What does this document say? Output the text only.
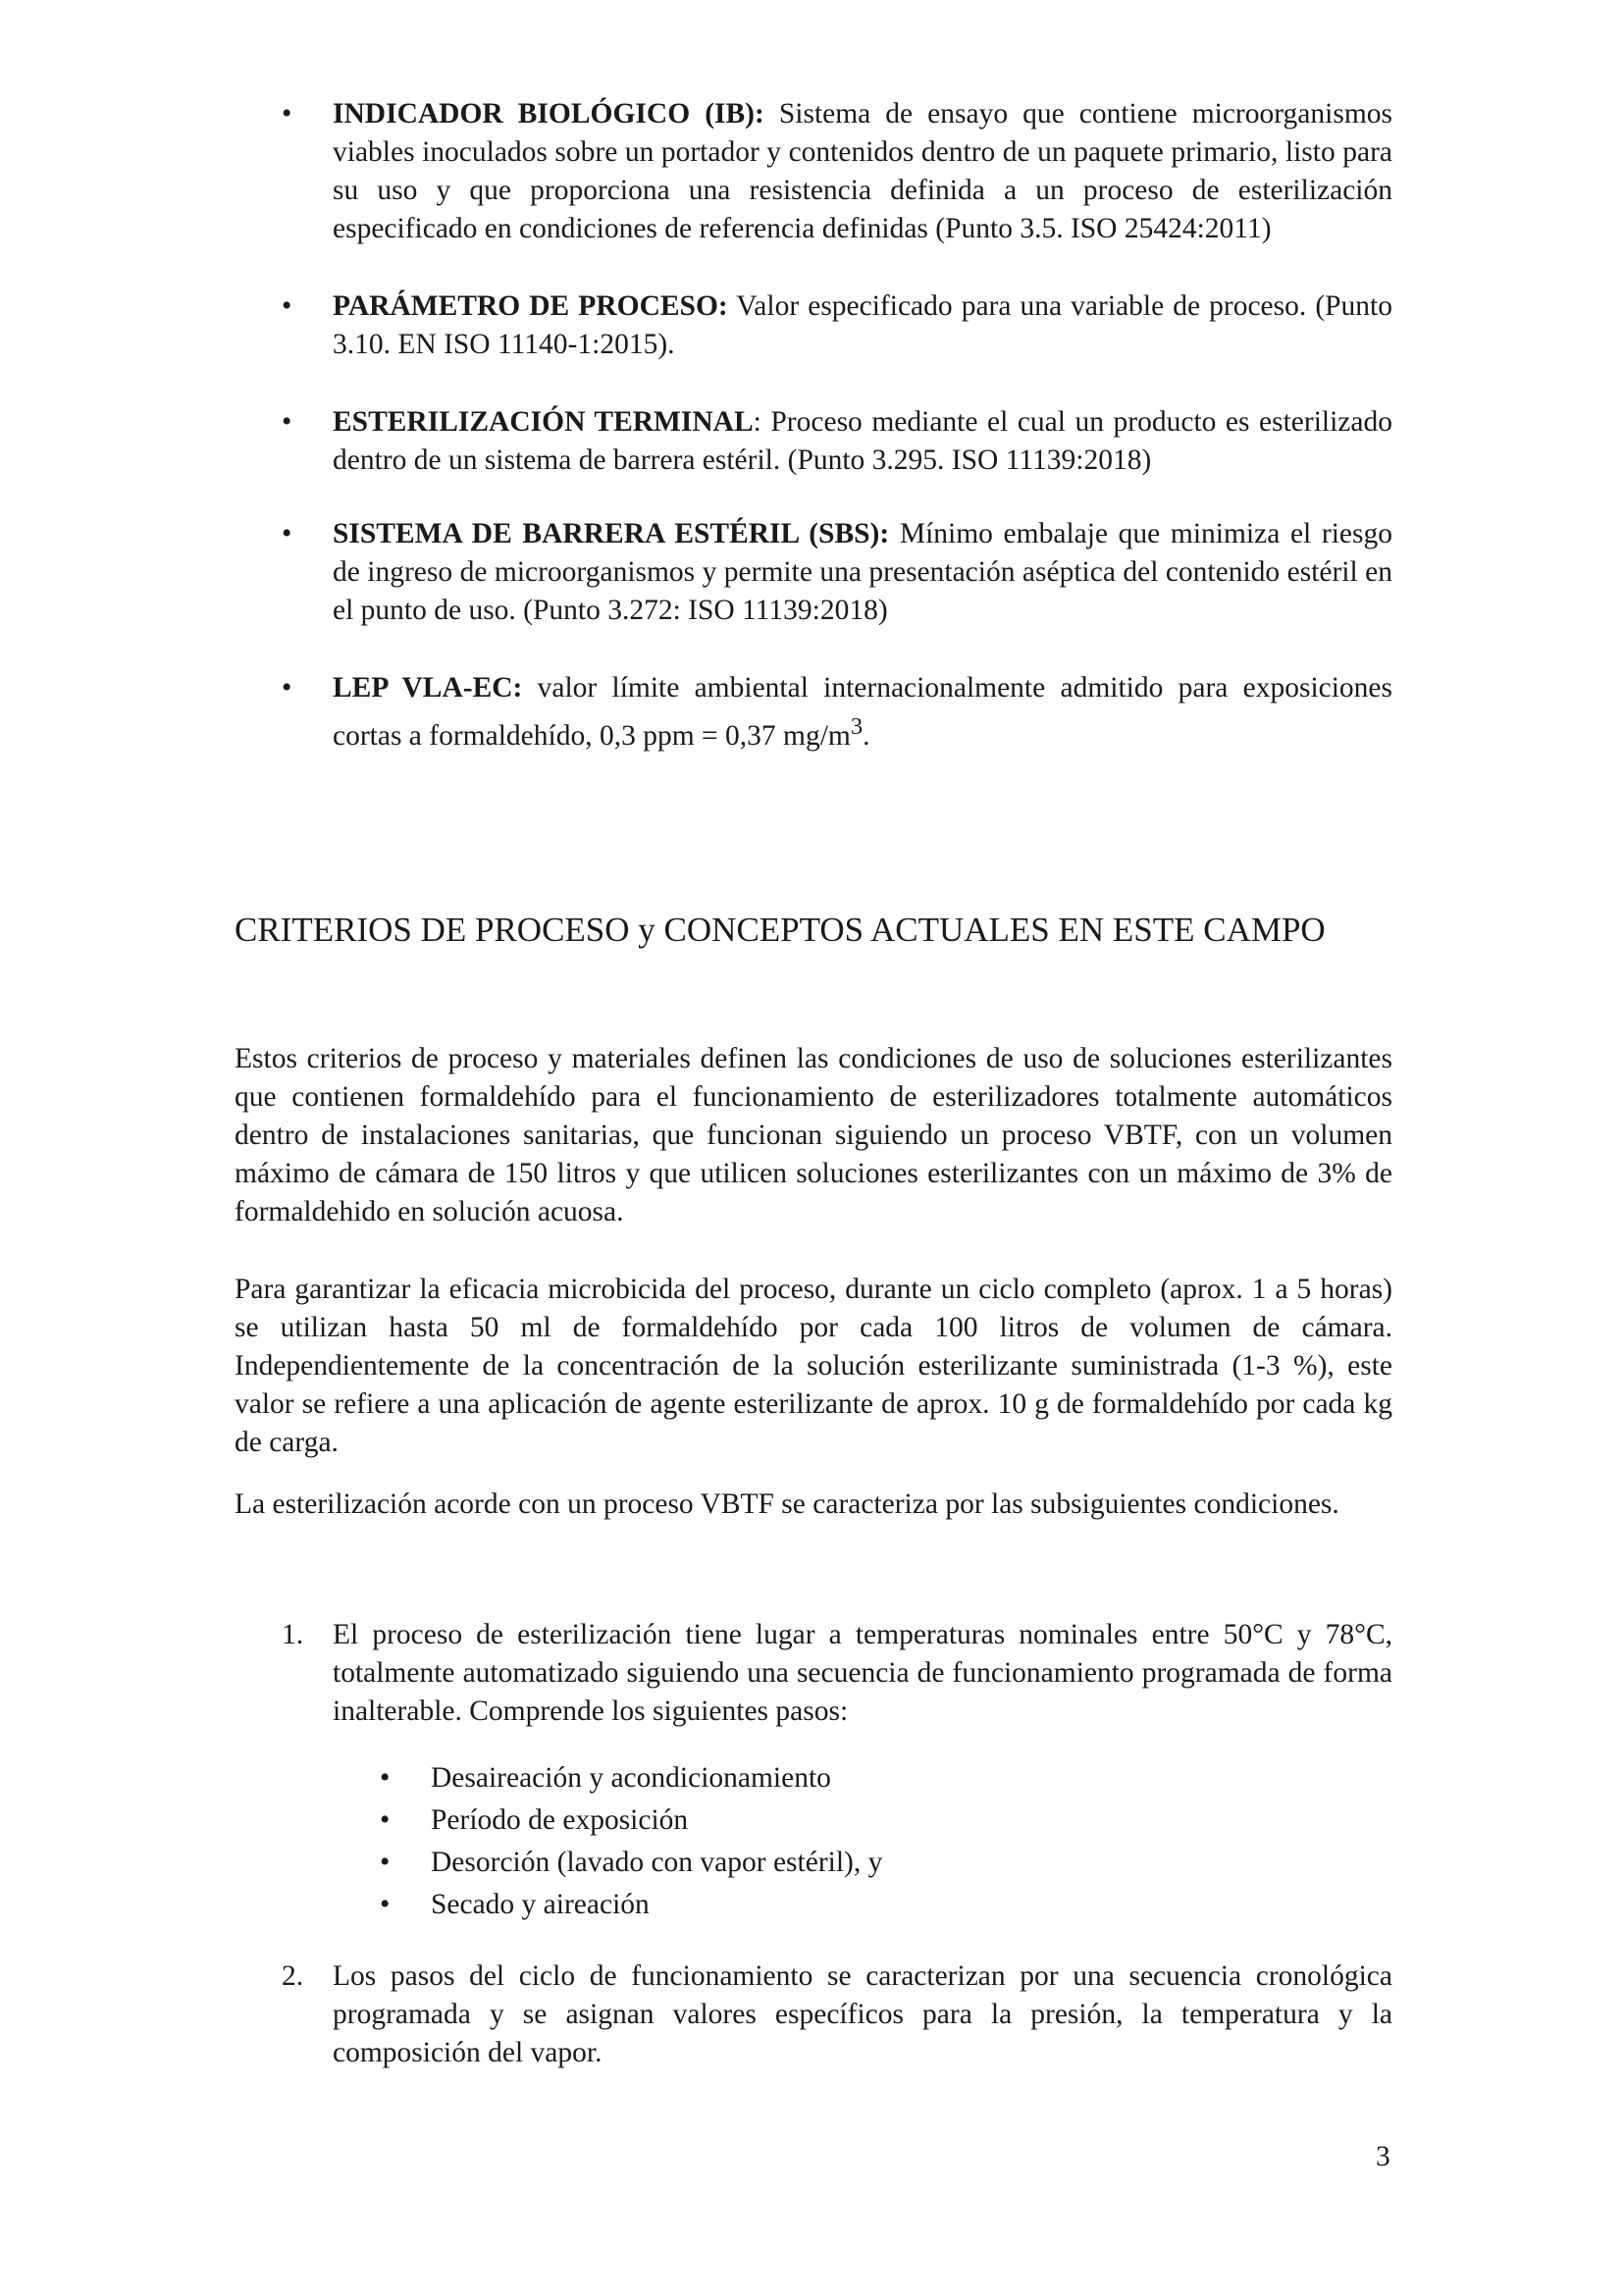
•	INDICADOR BIOLÓGICO (IB): Sistema de ensayo que contiene microorganismos viables inoculados sobre un portador y contenidos dentro de un paquete primario, listo para su uso y que proporciona una resistencia definida a un proceso de esterilización especificado en condiciones de referencia definidas (Punto 3.5. ISO 25424:2011)
•	PARÁMETRO DE PROCESO: Valor especificado para una variable de proceso. (Punto 3.10. EN ISO 11140-1:2015).
•	ESTERILIZACIÓN TERMINAL: Proceso mediante el cual un producto es esterilizado dentro de un sistema de barrera estéril. (Punto 3.295. ISO 11139:2018)
•	SISTEMA DE BARRERA ESTÉRIL (SBS): Mínimo embalaje que minimiza el riesgo de ingreso de microorganismos y permite una presentación aséptica del contenido estéril en el punto de uso. (Punto 3.272: ISO 11139:2018)
•	LEP VLA-EC: valor límite ambiental internacionalmente admitido para exposiciones cortas a formaldehído, 0,3 ppm = 0,37 $mg/m^3$.
CRITERIOS DE PROCESO y CONCEPTOS ACTUALES EN ESTE CAMPO

Estos criterios de proceso y materiales definen las condiciones de uso de soluciones esterilizantes que contienen formaldehído para el funcionamiento de esterilizadores totalmente automáticos dentro de instalaciones sanitarias, que funcionan siguiendo un proceso VBTF, con un volumen máximo de cámara de 150 litros y que utilicen soluciones esterilizantes con un máximo de 3% de formaldehido en solución acuosa.

Para garantizar la eficacia microbicida del proceso, durante un ciclo completo (aprox. 1 a 5 horas) se utilizan hasta 50 ml de formaldehído por cada 100 litros de volumen de cámara. Independientemente de la concentración de la solución esterilizante suministrada (1-3 %), este valor se refiere a una aplicación de agente esterilizante de aprox. 10 g de formaldehído por cada kg de carga.

La esterilización acorde con un proceso VBTF se caracteriza por las subsiguientes condiciones.

1. El proceso de esterilización tiene lugar a temperaturas nominales entre 50°C y 78°C, totalmente automatizado siguiendo una secuencia de funcionamiento programada de forma inalterable. Comprende los siguientes pasos:
• Desaireación y acondicionamiento
• Período de exposición
• Desorción (lavado con vapor estéril), y
• Secado y aireación
2. Los pasos del ciclo de funcionamiento se caracterizan por una secuencia cronológica programada y se asignan valores específicos para la presión, la temperatura y la composición del vapor.
3
